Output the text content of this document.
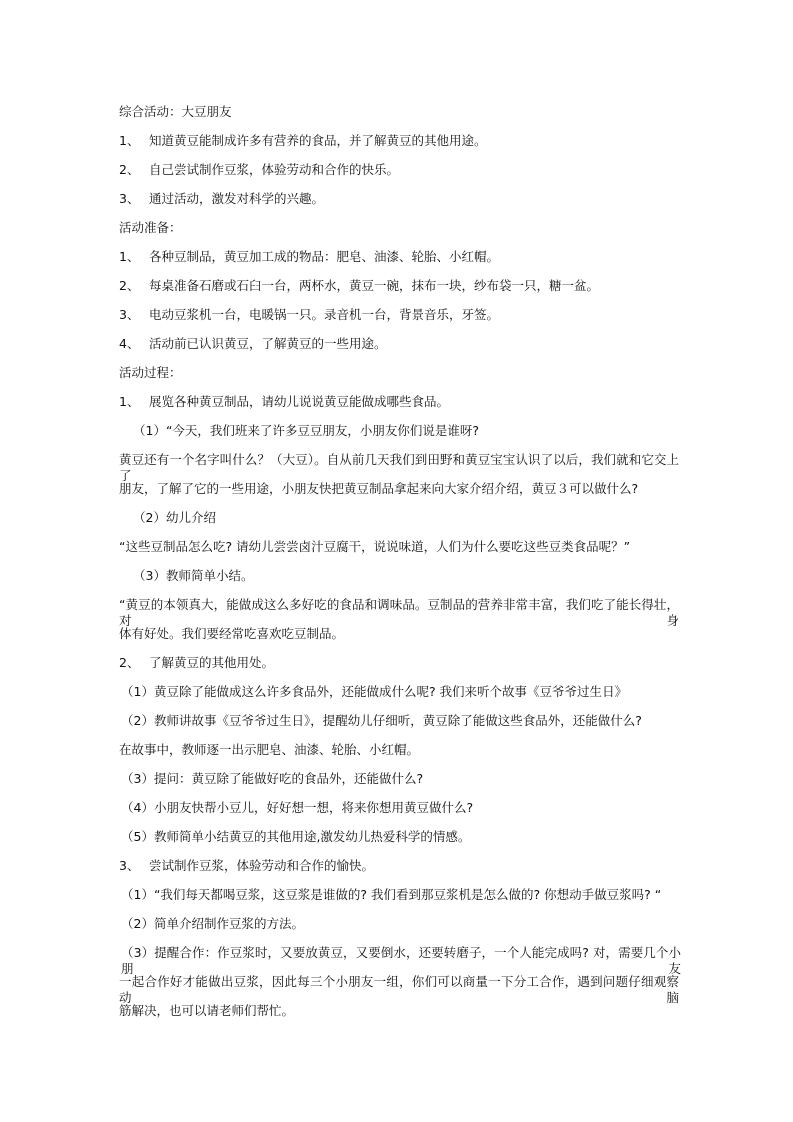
综合活动：大豆朋友
1、 知道黄豆能制成许多有营养的食品，并了解黄豆的其他用途。
2、 自己尝试制作豆浆，体验劳动和合作的快乐。
3、 通过活动，激发对科学的兴趣。
活动准备：
1、 各种豆制品，黄豆加工成的物品：肥皂、油漆、轮胎、小红帽。
2、 每桌准备石磨或石臼一台，两杯水，黄豆一碗，抹布一块，纱布袋一只，糖一盆。
3、 电动豆浆机一台，电暖锅一只。录音机一台，背景音乐，牙签。
4、 活动前已认识黄豆，了解黄豆的一些用途。
活动过程：
1、 展览各种黄豆制品，请幼儿说说黄豆能做成哪些食品。
（1）“今天，我们班来了许多豆豆朋友，小朋友你们说是谁呀?
黄豆还有一个名字叫什么？（大豆）。自从前几天我们到田野和黄豆宝宝认识了以后，我们就和它交上了
朋友，了解了它的一些用途，小朋友快把黄豆制品拿起来向大家介绍介绍，黄豆３可以做什么?
（2）幼儿介绍
“这些豆制品怎么吃? 请幼儿尝尝卤汁豆腐干，说说味道，人们为什么要吃这些豆类食品呢？”
（3）教师简单小结。
“黄豆的本领真大，能做成这么多好吃的食品和调味品。豆制品的营养非常丰富，我们吃了能长得壮，对身
体有好处。我们要经常吃喜欢吃豆制品。
2、 了解黄豆的其他用处。
（1）黄豆除了能做成这么许多食品外，还能做成什么呢? 我们来听个故事《豆爷爷过生日》
（2）教师讲故事《豆爷爷过生日》，提醒幼儿仔细听，黄豆除了能做这些食品外，还能做什么?
在故事中，教师逐一出示肥皂、油漆、轮胎、小红帽。
（3）提问：黄豆除了能做好吃的食品外，还能做什么?
（4）小朋友快帮小豆儿，好好想一想，将来你想用黄豆做什么?
（5）教师简单小结黄豆的其他用途,激发幼儿热爱科学的情感。
3、 尝试制作豆浆，体验劳动和合作的愉快。
（1）“我们每天都喝豆浆，这豆浆是谁做的? 我们看到那豆浆机是怎么做的? 你想动手做豆浆吗? “
（2）简单介绍制作豆浆的方法。
（3）提醒合作：作豆浆时，又要放黄豆，又要倒水，还要转磨子，一个人能完成吗? 对，需要几个小朋友
一起合作好才能做出豆浆，因此每三个小朋友一组，你们可以商量一下分工合作，遇到问题仔细观察动脑
筋解决，也可以请老师们帮忙。
